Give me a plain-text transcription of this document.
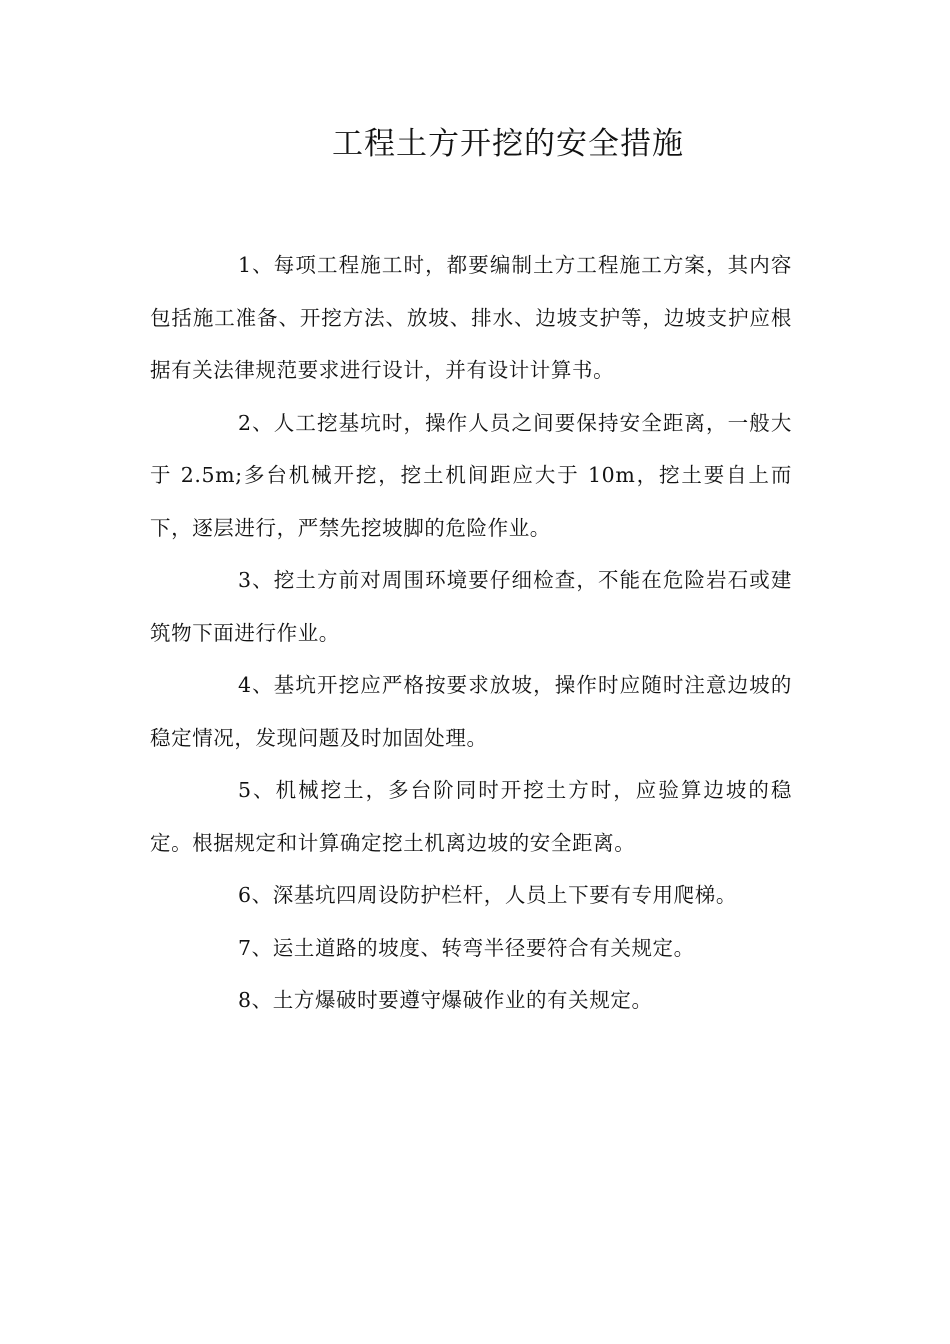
工程土方开挖的安全措施

1、每项工程施工时，都要编制土方工程施工方案，其内容包括施工准备、开挖方法、放坡、排水、边坡支护等，边坡支护应根据有关法律规范要求进行设计，并有设计计算书。

2、人工挖基坑时，操作人员之间要保持安全距离，一般大于 2.5m;多台机械开挖，挖土机间距应大于 10m，挖土要自上而下，逐层进行，严禁先挖坡脚的危险作业。

3、挖土方前对周围环境要仔细检查，不能在危险岩石或建筑物下面进行作业。

4、基坑开挖应严格按要求放坡，操作时应随时注意边坡的稳定情况，发现问题及时加固处理。

5、机械挖土，多台阶同时开挖土方时，应验算边坡的稳定。根据规定和计算确定挖土机离边坡的安全距离。

6、深基坑四周设防护栏杆，人员上下要有专用爬梯。

7、运土道路的坡度、转弯半径要符合有关规定。

8、土方爆破时要遵守爆破作业的有关规定。
